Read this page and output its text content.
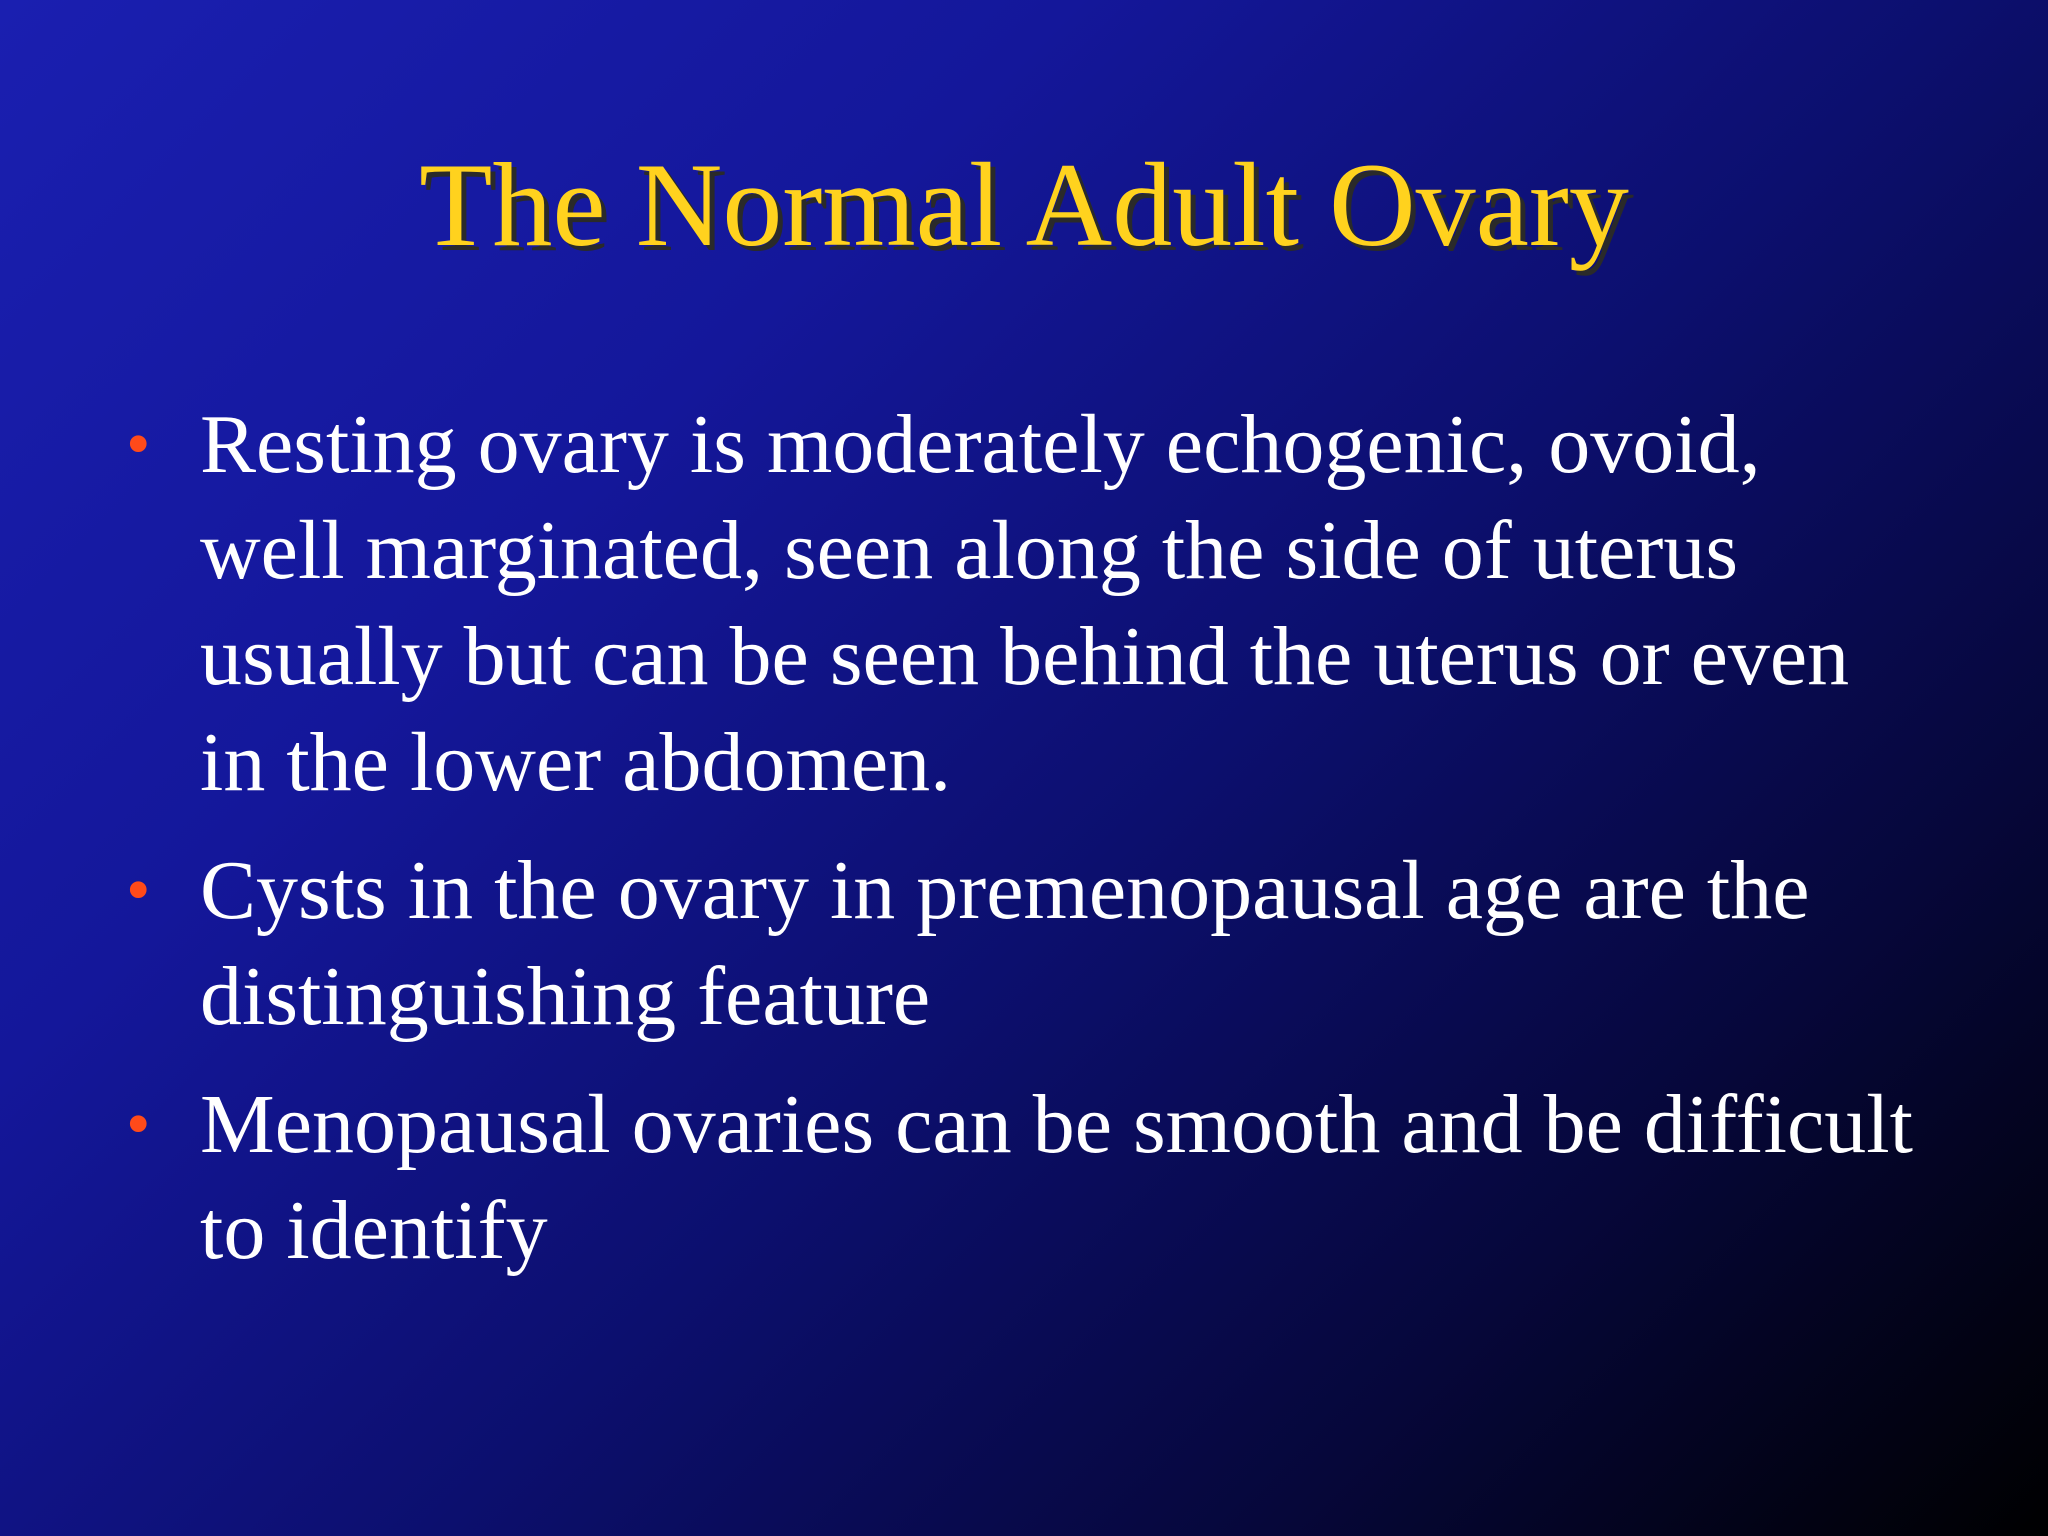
The Normal Adult Ovary
• Resting ovary is moderately echogenic, ovoid, well marginated, seen along the side of uterus usually but can be seen behind the uterus or even in the lower abdomen.
• Cysts in the ovary in premenopausal age are the distinguishing feature
• Menopausal ovaries can be smooth and be difficult to identify
